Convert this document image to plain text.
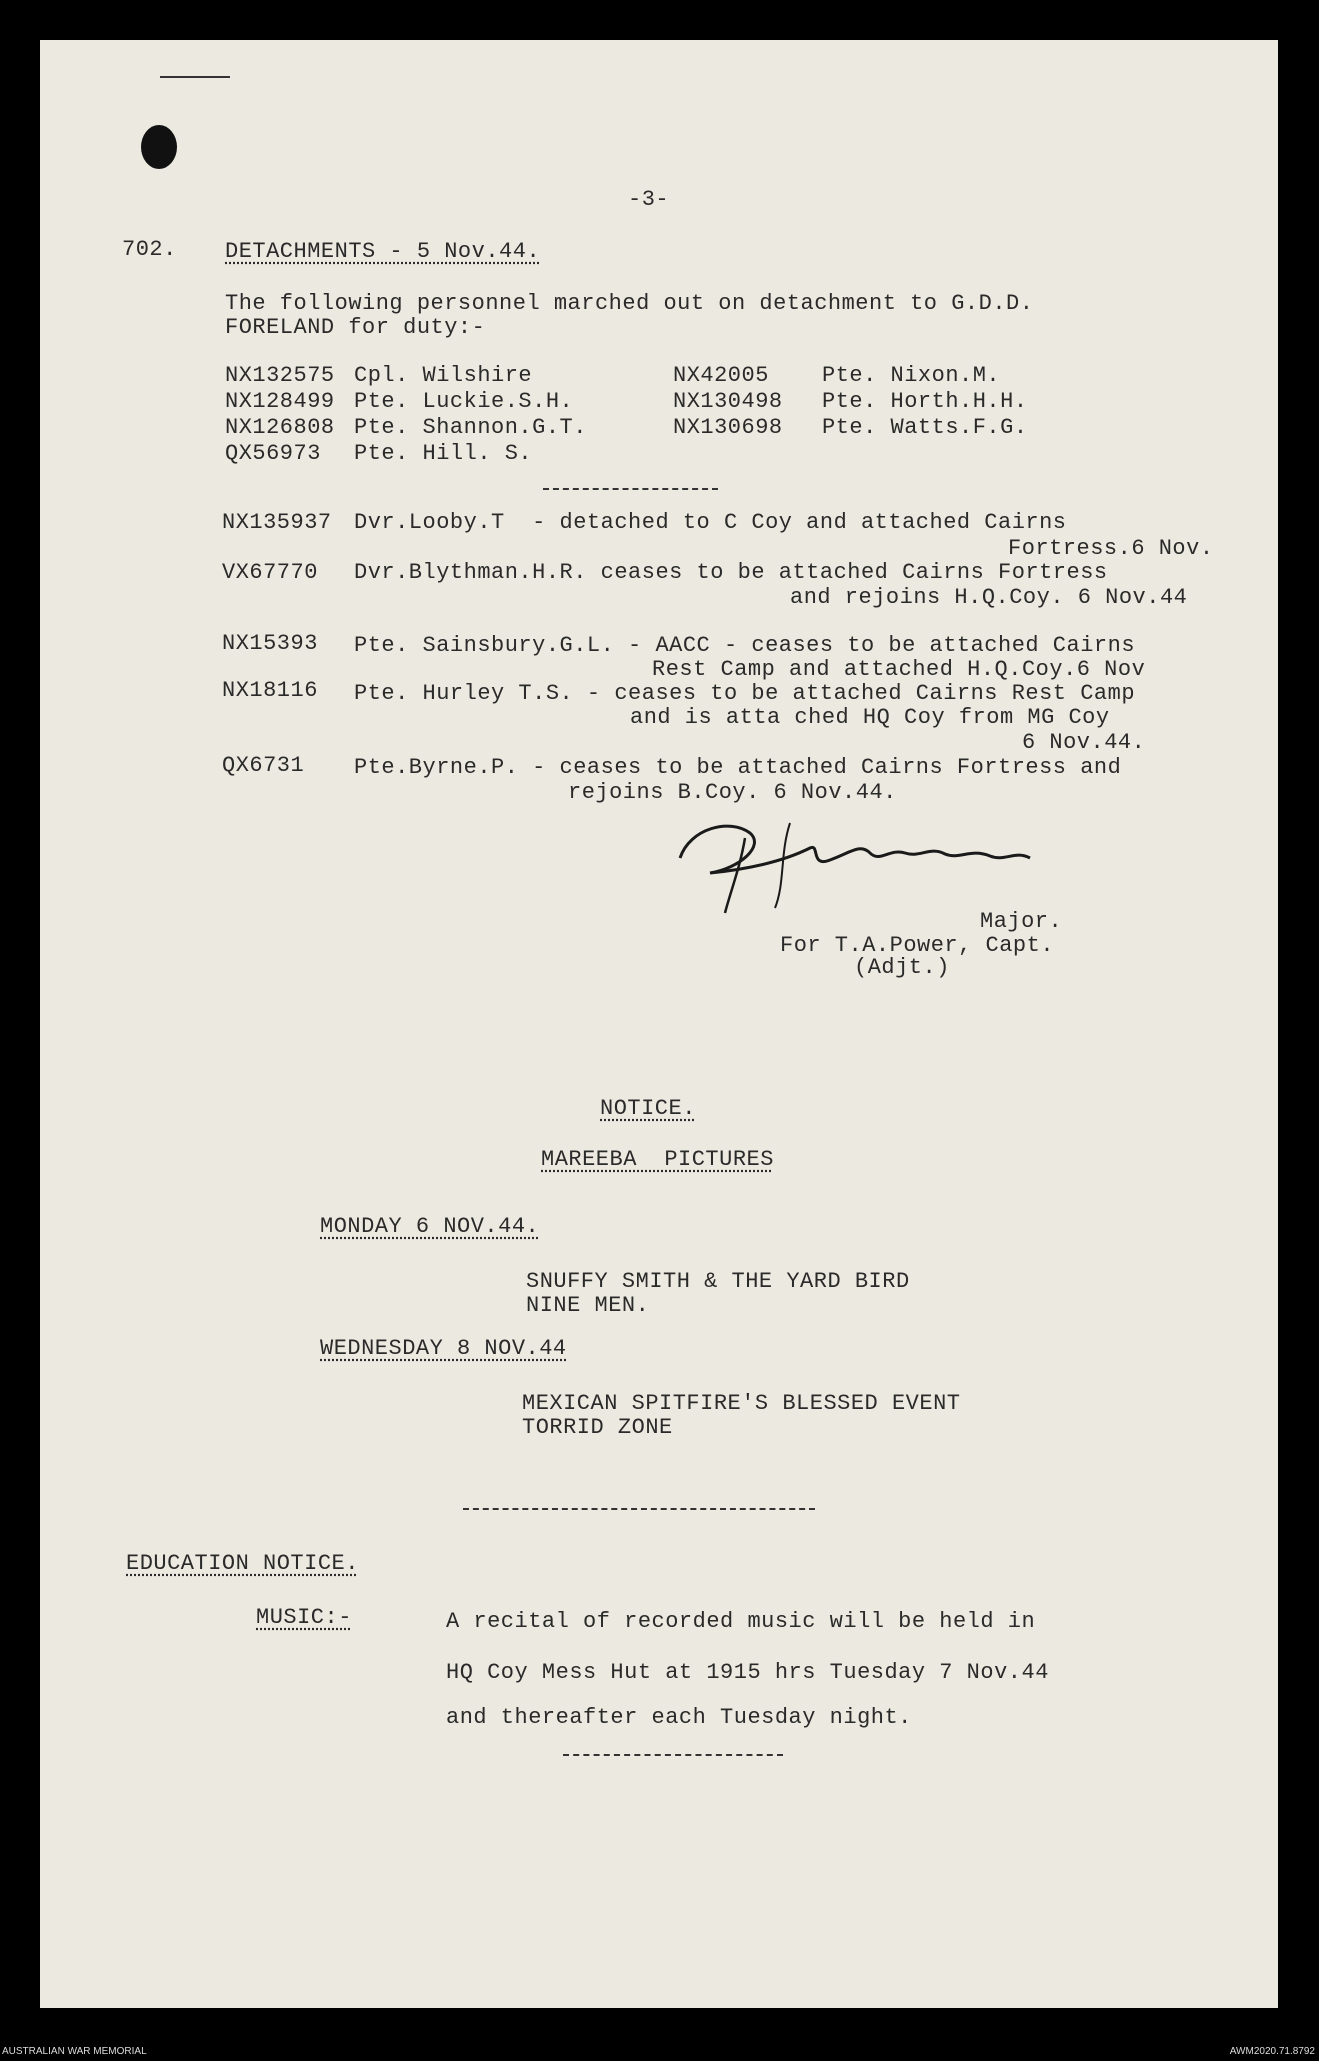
-3-
702. DETACHMENTS - 5 Nov.44.
The following personnel marched out on detachment to G.D.D.
FORELAND for duty:-
NX132575 Cpl. Wilshire
NX128499 Pte. Luckie.S.H.
NX126808 Pte. Shannon.G.T.
QX56973 Pte. Hill. S.
NX42005 Pte. Nixon.M.
NX130498 Pte. Horth.H.H.
NX130698 Pte. Watts.F.G.
NX135937 Dvr.Looby.T  - detached to C Coy and attached Cairns
Fortress.6 Nov.
VX67770 Dvr.Blythman.H.R. ceases to be attached Cairns Fortress
and rejoins H.Q.Coy. 6 Nov.44
NX15393 Pte. Sainsbury.G.L. - AACC - ceases to be attached Cairns
Rest Camp and attached H.Q.Coy.6 Nov
NX18116 Pte. Hurley T.S. - ceases to be attached Cairns Rest Camp
and is atta ched HQ Coy from MG Coy
6 Nov.44.
QX6731 Pte.Byrne.P. - ceases to be attached Cairns Fortress and
rejoins B.Coy. 6 Nov.44.
Major.
For T.A.Power, Capt.
(Adjt.)
NOTICE.
MAREEBA  PICTURES
MONDAY 6 NOV.44.
SNUFFY SMITH & THE YARD BIRD
NINE MEN.
WEDNESDAY 8 NOV.44
MEXICAN SPITFIRE'S BLESSED EVENT
TORRID ZONE
EDUCATION NOTICE.
MUSIC:-	A recital of recorded music will be held in
HQ Coy Mess Hut at 1915 hrs Tuesday 7 Nov.44
and thereafter each Tuesday night.
AUSTRALIAN WAR MEMORIAL	AWM2020.71.8792
